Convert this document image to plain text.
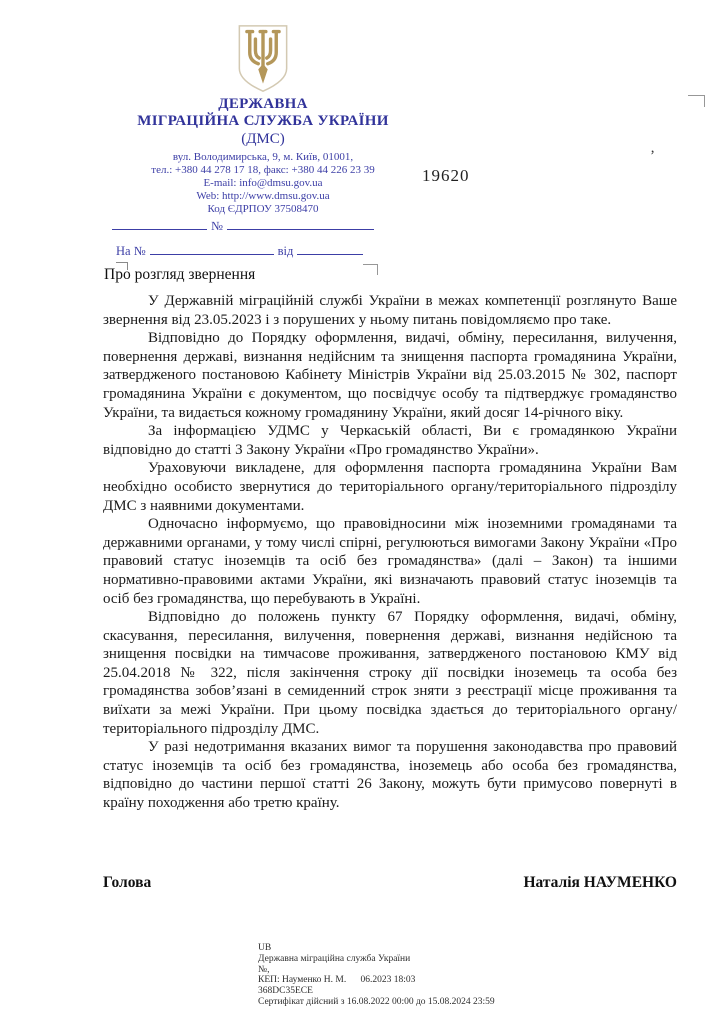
ДЕРЖАВНА
МІГРАЦІЙНА СЛУЖБА УКРАЇНИ
(ДМС)
вул. Володимирська, 9, м. Київ, 01001,
тел.: +380 44 278 17 18, факс: +380 44 226 23 39
E-mail: info@dmsu.gov.ua
Web: http://www.dmsu.gov.ua
Код ЄДРПОУ 37508470
19620
’
№
На №	від
Про розгляд звернення

У Державній міграційній службі України в межах компетенції розглянуто Ваше звернення від 23.05.2023 і з порушених у ньому питань повідомляємо про таке.

Відповідно до Порядку оформлення, видачі, обміну, пересилання, вилучення, повернення державі, визнання недійсним та знищення паспорта громадянина України, затвердженого постановою Кабінету Міністрів України від 25.03.2015 № 302, паспорт громадянина України є документом, що посвідчує особу та підтверджує громадянство України, та видається кожному громадянину України, який досяг 14-річного віку.

За інформацією УДМС у Черкаській області, Ви є громадянкою України відповідно до статті 3 Закону України «Про громадянство України».

Ураховуючи викладене, для оформлення паспорта громадянина України Вам необхідно особисто звернутися до територіального органу/територіального підрозділу ДМС з наявними документами.

Одночасно інформуємо, що правовідносини між іноземними громадянами та державними органами, у тому числі спірні, регулюються вимогами Закону України «Про правовий статус іноземців та осіб без громадянства» (далі – Закон) та іншими нормативно-правовими актами України, які визначають правовий статус іноземців та осіб без громадянства, що перебувають в Україні.

Відповідно до положень пункту 67 Порядку оформлення, видачі, обміну, скасування, пересилання, вилучення, повернення державі, визнання недійсною та знищення посвідки на тимчасове проживання, затвердженого постановою КМУ від 25.04.2018 № 322, після закінчення строку дії посвідки іноземець та особа без громадянства зобов’язані в семиденний строк зняти з реєстрації місце проживання та виїхати за межі України. При цьому посвідка здається до територіального органу/територіального підрозділу ДМС.

У разі недотримання вказаних вимог та порушення законодавства про правовий статус іноземців та осіб без громадянства, іноземець або особа без громадянства, відповідно до частини першої статті 26 Закону, можуть бути примусово повернуті в країну походження або третю країну.

Голова	Наталія НАУМЕНКО
UB
Державна міграційна служба України
№,
КЕП: Науменко Н. М.      06.2023 18:03
368DC35ECE
Сертифікат дійсний з 16.08.2022 00:00 до 15.08.2024 23:59
